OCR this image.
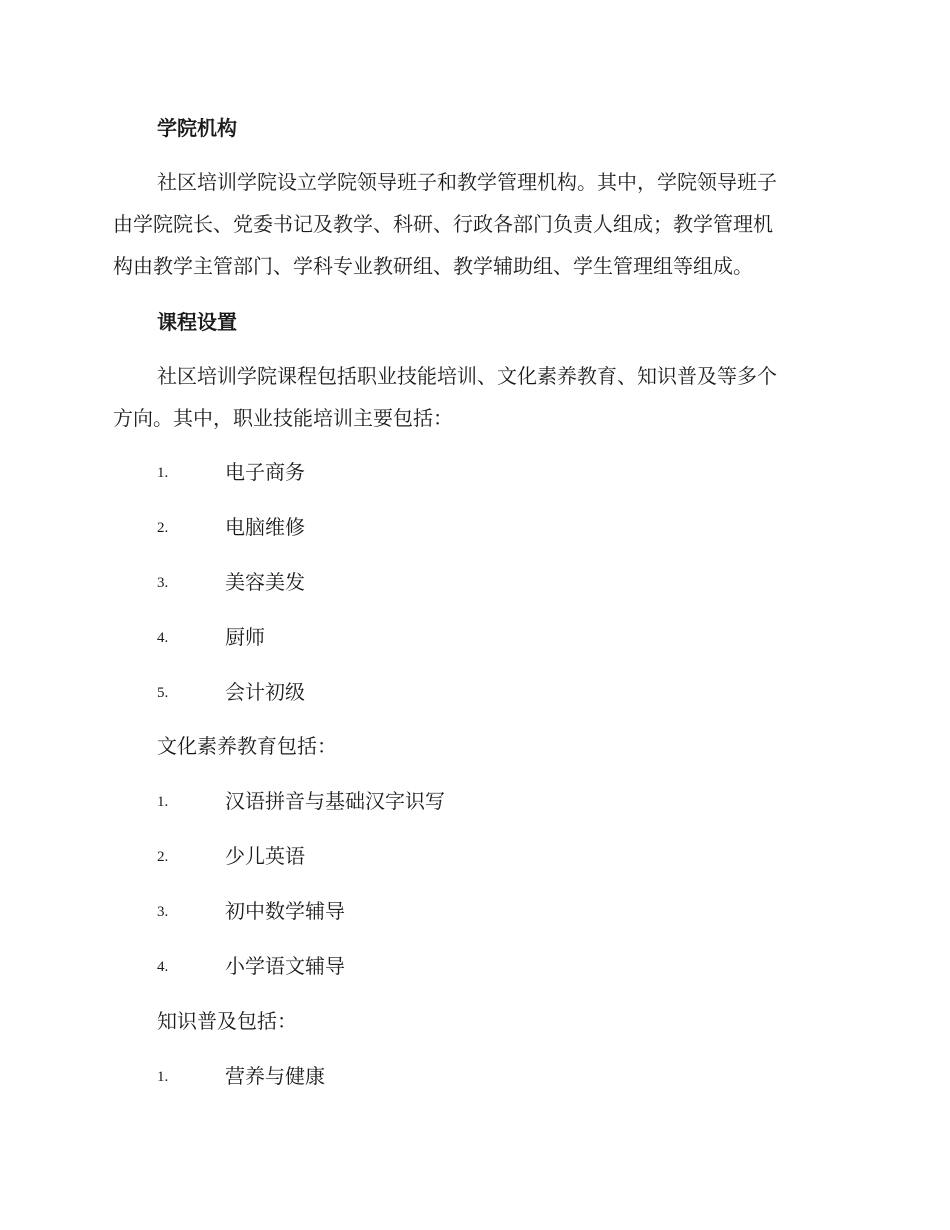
学院机构
社区培训学院设立学院领导班子和教学管理机构。其中，学院领导班子
由学院院长、党委书记及教学、科研、行政各部门负责人组成；教学管理机
构由教学主管部门、学科专业教研组、教学辅助组、学生管理组等组成。
课程设置
社区培训学院课程包括职业技能培训、文化素养教育、知识普及等多个
方向。其中，职业技能培训主要包括：
1.	电子商务
2.	电脑维修
3.	美容美发
4.	厨师
5.	会计初级
文化素养教育包括：
1.	汉语拼音与基础汉字识写
2.	少儿英语
3.	初中数学辅导
4.	小学语文辅导
知识普及包括：
1.	营养与健康
